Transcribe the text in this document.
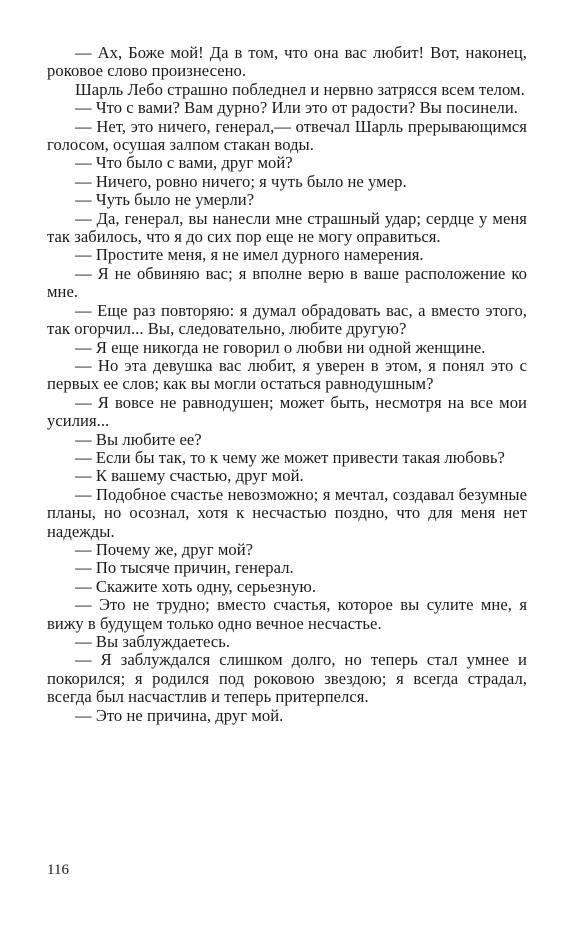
— Ах, Боже мой! Да в том, что она вас любит! Вот, наконец, роковое слово произнесено.

Шарль Лебо страшно побледнел и нервно затрясся всем телом.

— Что с вами? Вам дурно? Или это от радости? Вы посинели.

— Нет, это ничего, генерал,— отвечал Шарль прерывающимся голосом, осушая залпом стакан воды.

— Что было с вами, друг мой?

— Ничего, ровно ничего; я чуть было не умер.

— Чуть было не умерли?

— Да, генерал, вы нанесли мне страшный удар; сердце у меня так забилось, что я до сих пор еще не могу оправиться.

— Простите меня, я не имел дурного намерения.

— Я не обвиняю вас; я вполне верю в ваше расположение ко мне.

— Еще раз повторяю: я думал обрадовать вас, а вместо этого, так огорчил... Вы, следовательно, любите другую?

— Я еще никогда не говорил о любви ни одной женщине.

— Но эта девушка вас любит, я уверен в этом, я понял это с первых ее слов; как вы могли остаться равнодушным?

— Я вовсе не равнодушен; может быть, несмотря на все мои усилия...

— Вы любите ее?

— Если бы так, то к чему же может привести такая любовь?

— К вашему счастью, друг мой.

— Подобное счастье невозможно; я мечтал, создавал безумные планы, но осознал, хотя к несчастью поздно, что для меня нет надежды.

— Почему же, друг мой?

— По тысяче причин, генерал.

— Скажите хоть одну, серьезную.

— Это не трудно; вместо счастья, которое вы сулите мне, я вижу в будущем только одно вечное несчастье.

— Вы заблуждаетесь.

— Я заблуждался слишком долго, но теперь стал умнее и покорился; я родился под роковою звездою; я всегда страдал, всегда был насчастлив и теперь притерпелся.

— Это не причина, друг мой.

116
